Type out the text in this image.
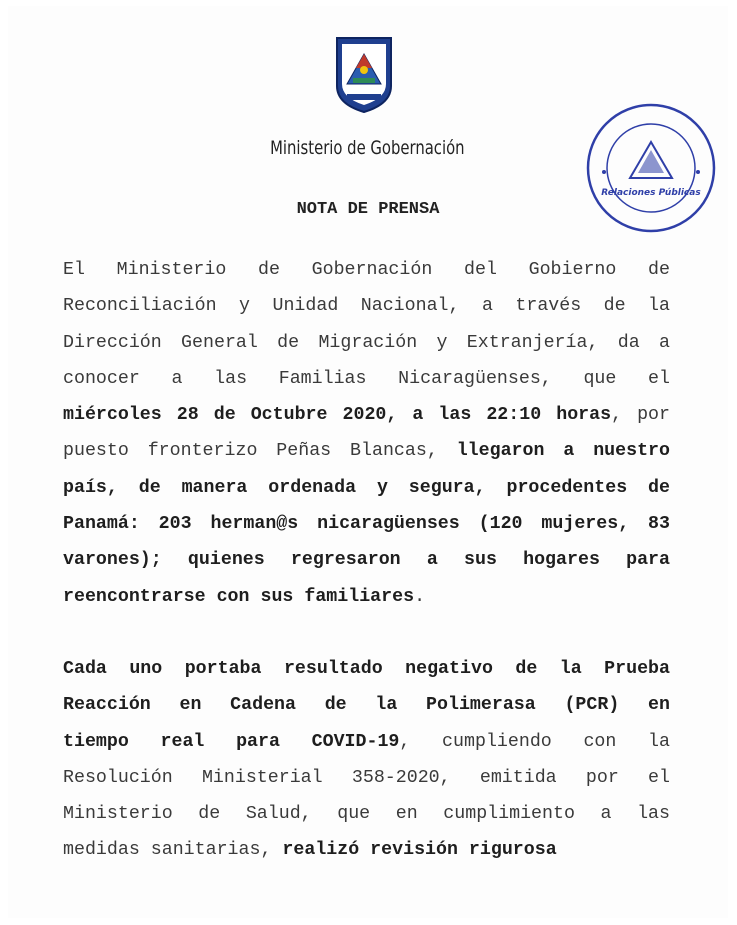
Ministerio de Gobernación
Relaciones Públicas
NOTA DE PRENSA
El Ministerio de Gobernación del Gobierno de
Reconciliación y Unidad Nacional, a través de la
Dirección General de Migración y Extranjería, da a
conocer a las Familias Nicaragüenses, que el
miércoles 28 de Octubre 2020, a las 22:10 horas, por
puesto fronterizo Peñas Blancas, llegaron a nuestro
país, de manera ordenada y segura, procedentes de
Panamá: 203 herman@s nicaragüenses (120 mujeres, 83
varones); quienes regresaron a sus hogares para
reencontrarse con sus familiares.
Cada uno portaba resultado negativo de la Prueba
Reacción en Cadena de la Polimerasa (PCR) en
tiempo real para COVID-19, cumpliendo con la
Resolución Ministerial 358-2020, emitida por el
Ministerio de Salud, que en cumplimiento a las
medidas sanitarias, realizó revisión rigurosa
